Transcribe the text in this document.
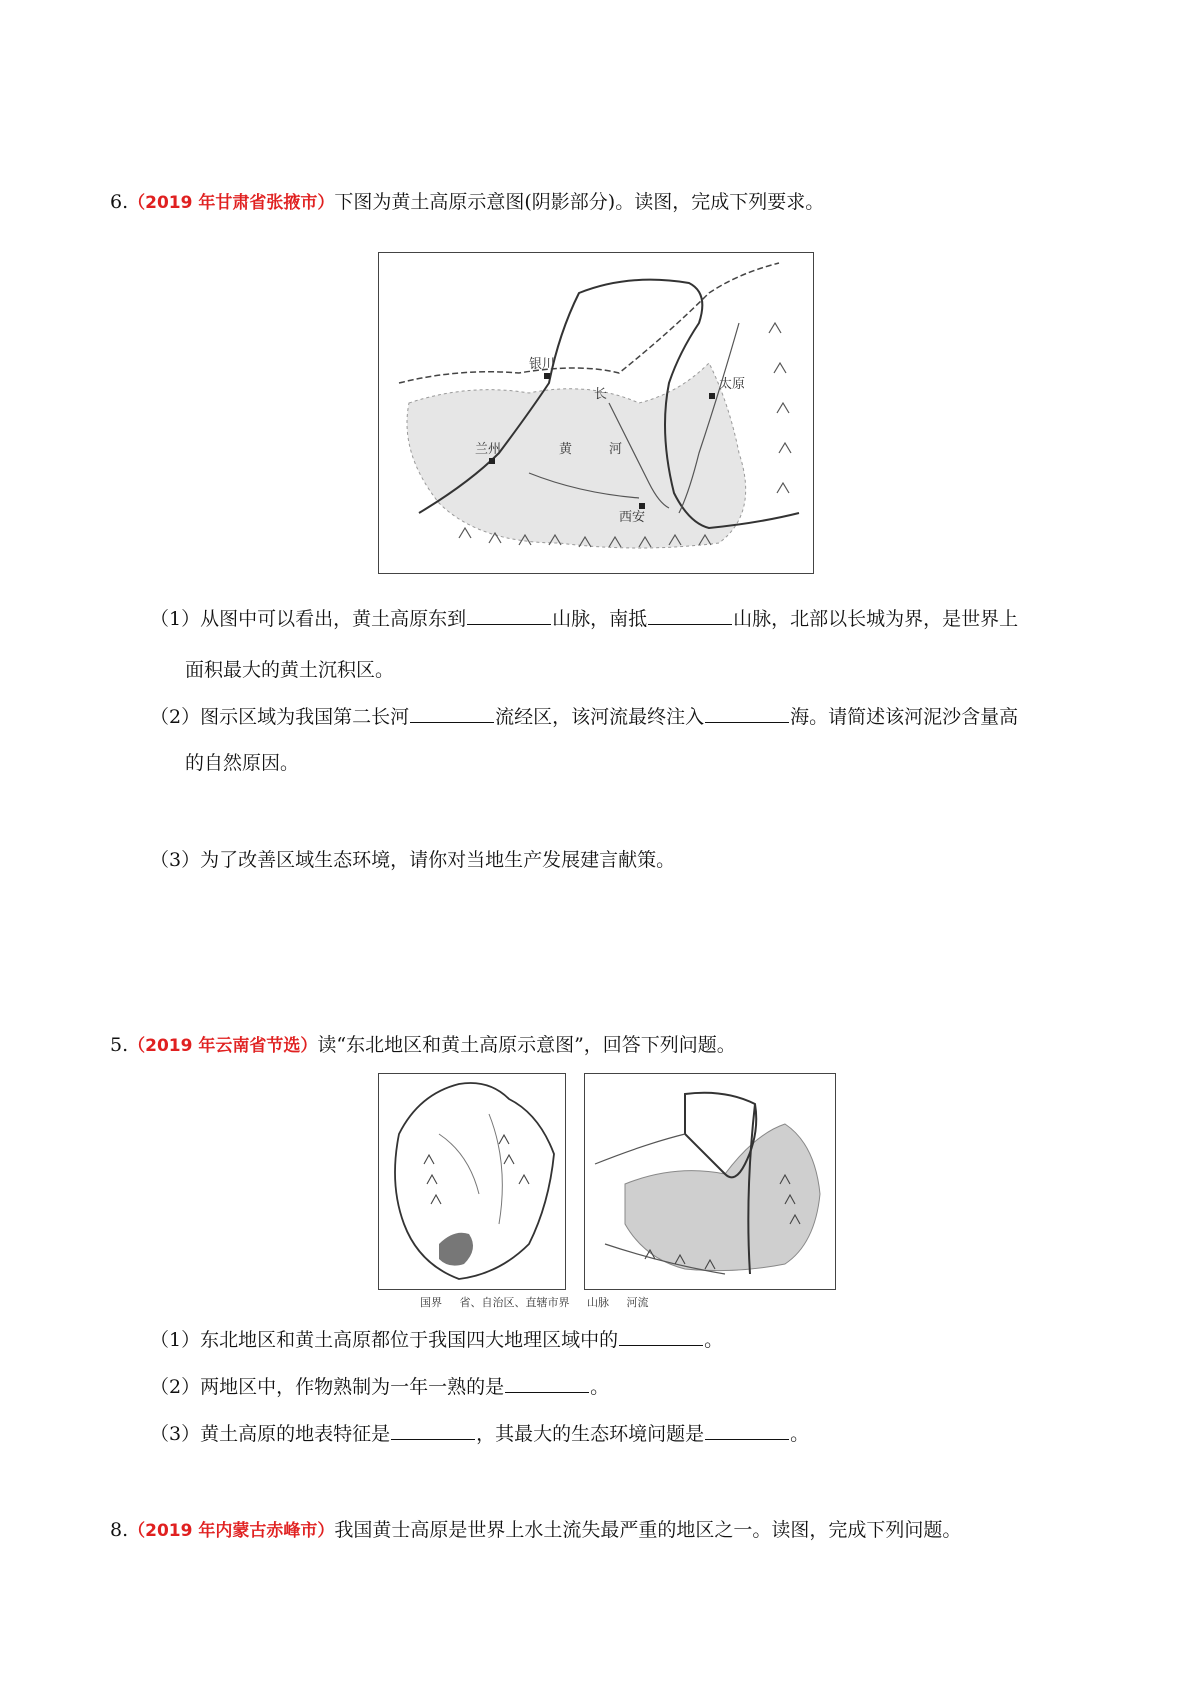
6.（2019 年甘肃省张掖市）下图为黄土高原示意图(阴影部分)。读图，完成下列要求。
银川
兰州
太原
西安
长
黄	河
（1）从图中可以看出，黄土高原东到	山脉，南抵	山脉，北部以长城为界，是世界上
面积最大的黄土沉积区。
（2）图示区域为我国第二长河	流经区，该河流最终注入	海。请简述该河泥沙含量高
的自然原因。
（3）为了改善区域生态环境，请你对当地生产发展建言献策。
5.（2019 年云南省节选）读“东北地区和黄土高原示意图”，回答下列问题。
国界 省、自治区、直辖市界 山脉 河流
（1）东北地区和黄土高原都位于我国四大地理区域中的	。
（2）两地区中，作物熟制为一年一熟的是	。
（3）黄土高原的地表特征是	，其最大的生态环境问题是	。
8.（2019 年内蒙古赤峰市）我国黄士高原是世界上水土流失最严重的地区之一。读图，完成下列问题。
